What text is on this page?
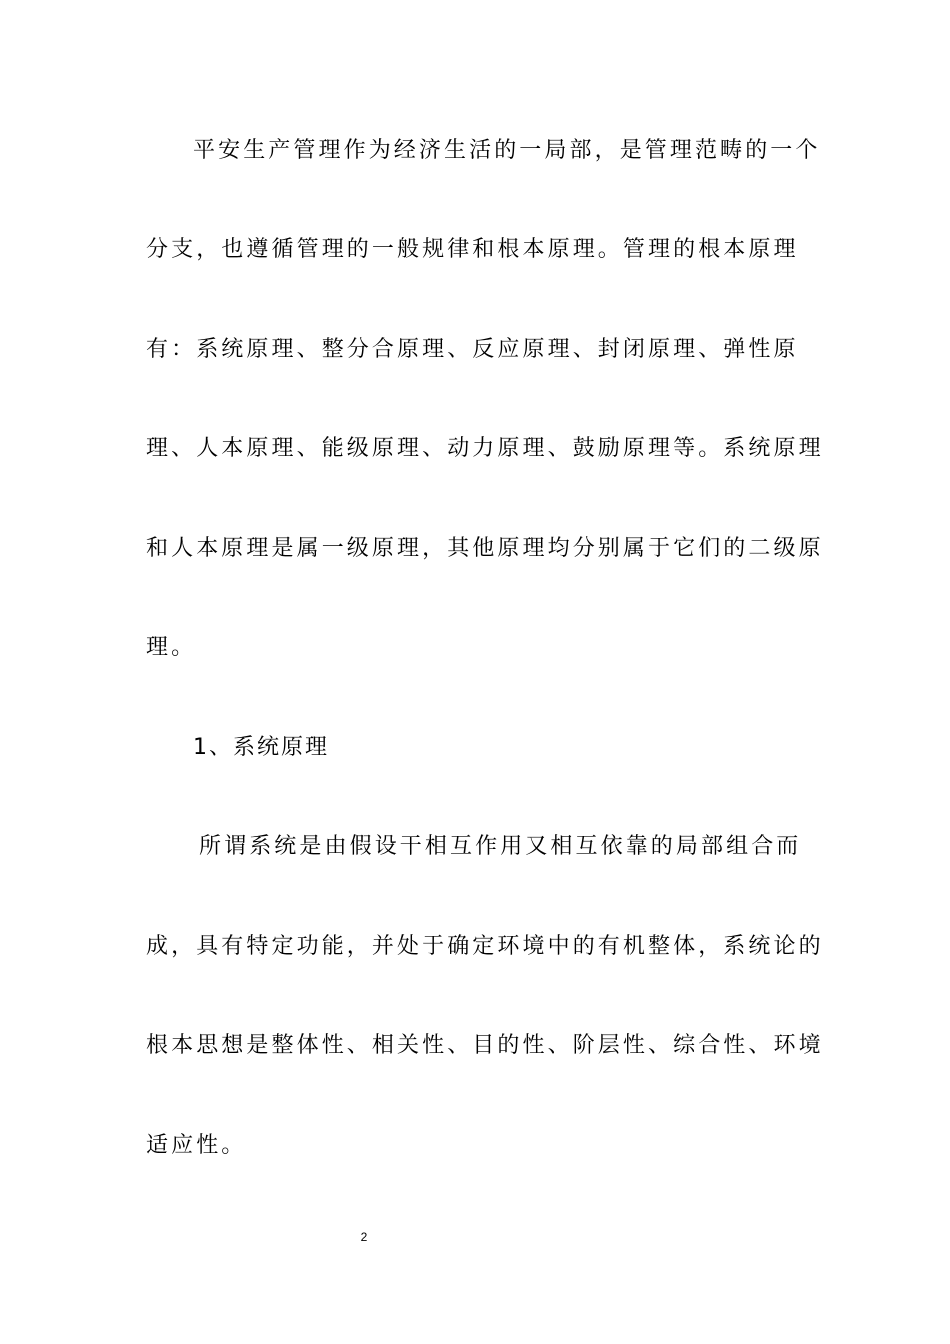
平安生产管理作为经济生活的一局部，是管理范畴的一个
分支，也遵循管理的一般规律和根本原理。管理的根本原理
有：系统原理、整分合原理、反应原理、封闭原理、弹性原
理、人本原理、能级原理、动力原理、鼓励原理等。系统原理
和人本原理是属一级原理，其他原理均分别属于它们的二级原
理。
1、系统原理
所谓系统是由假设干相互作用又相互依靠的局部组合而
成，具有特定功能，并处于确定环境中的有机整体，系统论的
根本思想是整体性、相关性、目的性、阶层性、综合性、环境
适应性。
2
